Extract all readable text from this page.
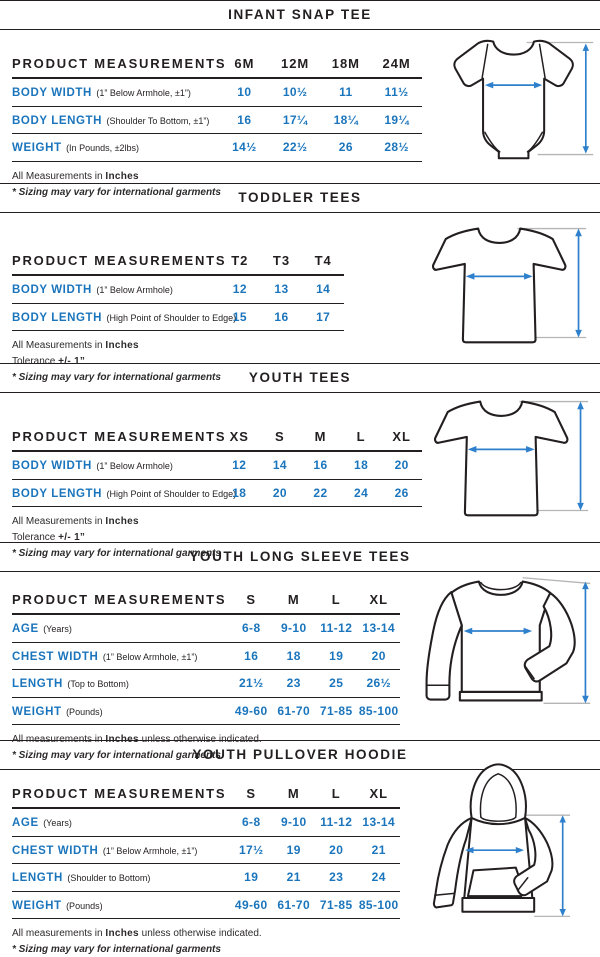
INFANT SNAP TEE
PRODUCT MEASUREMENTS	6M	12M	18M	24M
BODY WIDTH (1” Below Armhole, ±1”)	10	10½	11	11½
BODY LENGTH (Shoulder To Bottom, ±1”)	16	17¼	18¼	19¼
WEIGHT (In Pounds, ±2lbs)	14½	22½	26	28½

All Measurements in Inches

* Sizing may vary for international garments	TODDLER TEES
PRODUCT MEASUREMENTS	T2	T3	T4
BODY WIDTH (1” Below Armhole)	12	13	14
BODY LENGTH (High Point of Shoulder to Edge)	15	16	17

All Measurements in Inches

Tolerance +/- 1”

* Sizing may vary for international garments	YOUTH TEES
PRODUCT MEASUREMENTS	XS	S	M	L	XL
BODY WIDTH (1” Below Armhole)	12	14	16	18	20
BODY LENGTH (High Point of Shoulder to Edge)	18	20	22	24	26

All Measurements in Inches

Tolerance +/- 1”

* Sizing may vary for international garments

YOUTH LONG SLEEVE TEES
PRODUCT MEASUREMENTS	S	M	L	XL
AGE (Years)	6-8	9-10	11-12	13-14
CHEST WIDTH (1” Below Armhole, ±1”)	16	18	19	20
LENGTH (Top to Bottom)	21½	23	25	26½
WEIGHT (Pounds)	49-60	61-70	71-85	85-100

All measurements in Inches unless otherwise indicated.

* Sizing may vary for international garments

YOUTH PULLOVER HOODIE
PRODUCT MEASUREMENTS	S	M	L	XL
AGE (Years)	6-8	9-10	11-12	13-14
CHEST WIDTH (1” Below Armhole, ±1”)	17½	19	20	21
LENGTH (Shoulder to Bottom)	19	21	23	24
WEIGHT (Pounds)	49-60	61-70	71-85	85-100

All measurements in Inches unless otherwise indicated.

* Sizing may vary for international garments
